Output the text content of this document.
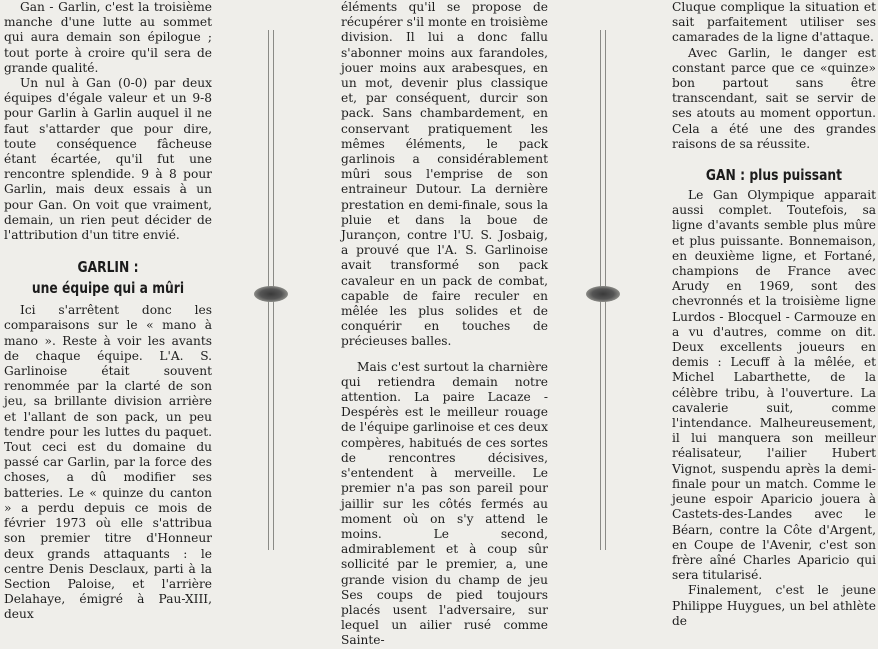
Gan - Garlin, c'est la troisième manche d'une lutte au sommet qui aura demain son épilogue ; tout porte à croire qu'il sera de grande qualité.

Un nul à Gan (0-0) par deux équipes d'égale valeur et un 9-8 pour Garlin à Garlin auquel il ne faut s'attarder que pour dire, toute conséquence fâcheuse étant écartée, qu'il fut une rencontre splendide. 9 à 8 pour Garlin, mais deux essais à un pour Gan. On voit que vraiment, demain, un rien peut décider de l'attribution d'un titre envié.

GARLIN :
une équipe qui a mûri

Ici s'arrêtent donc les comparaisons sur le « mano à mano ». Reste à voir les avants de chaque équipe. L'A. S. Garlinoise était souvent renommée par la clarté de son jeu, sa brillante division arrière et l'allant de son pack, un peu tendre pour les luttes du paquet. Tout ceci est du domaine du passé car Garlin, par la force des choses, a dû modifier ses batteries. Le « quinze du canton » a perdu depuis ce mois de février 1973 où elle s'attribua son premier titre d'Honneur deux grands attaquants : le centre Denis Desclaux, parti à la Section Paloise, et l'arrière Delahaye, émigré à Pau-XIII, deux

éléments qu'il se propose de récupérer s'il monte en troisième division. Il lui a donc fallu s'abonner moins aux farandoles, jouer moins aux arabesques, en un mot, devenir plus classique et, par conséquent, durcir son pack. Sans chambardement, en conservant pratiquement les mêmes éléments, le pack garlinois a considérablement mûri sous l'emprise de son entraineur Dutour. La dernière prestation en demi-finale, sous la pluie et dans la boue de Jurançon, contre l'U. S. Josbaig, a prouvé que l'A. S. Garlinoise avait transformé son pack cavaleur en un pack de combat, capable de faire reculer en mêlée les plus solides et de conquérir en touches de précieuses balles.

Mais c'est surtout la charnière qui retiendra demain notre attention. La paire Lacaze - Despérès est le meilleur rouage de l'équipe garlinoise et ces deux compères, habitués de ces sortes de rencontres décisives, s'entendent à merveille. Le premier n'a pas son pareil pour jaillir sur les côtés fermés au moment où on s'y attend le moins. Le second, admirablement et à coup sûr sollicité par le premier, a, une grande vision du champ de jeu Ses coups de pied toujours placés usent l'adversaire, sur lequel un ailier rusé comme Sainte-

Cluque complique la situation et sait parfaitement utiliser ses camarades de la ligne d'attaque.

Avec Garlin, le danger est constant parce que ce «quinze» bon partout sans être transcendant, sait se servir de ses atouts au moment opportun. Cela a été une des grandes raisons de sa réussite.

GAN : plus puissant

Le Gan Olympique apparait aussi complet. Toutefois, sa ligne d'avants semble plus mûre et plus puissante. Bonnemaison, en deuxième ligne, et Fortané, champions de France avec Arudy en 1969, sont des chevronnés et la troisième ligne Lurdos - Blocquel - Carmouze en a vu d'autres, comme on dit. Deux excellents joueurs en demis : Lecuff à la mêlée, et Michel Labarthette, de la célèbre tribu, à l'ouverture. La cavalerie suit, comme l'intendance. Malheureusement, il lui manquera son meilleur réalisateur, l'ailier Hubert Vignot, suspendu après la demi-finale pour un match. Comme le jeune espoir Aparicio jouera à Castets-des-Landes avec le Béarn, contre la Côte d'Argent, en Coupe de l'Avenir, c'est son frère aîné Charles Aparicio qui sera titularisé.

Finalement, c'est le jeune Philippe Huygues, un bel athlète de
